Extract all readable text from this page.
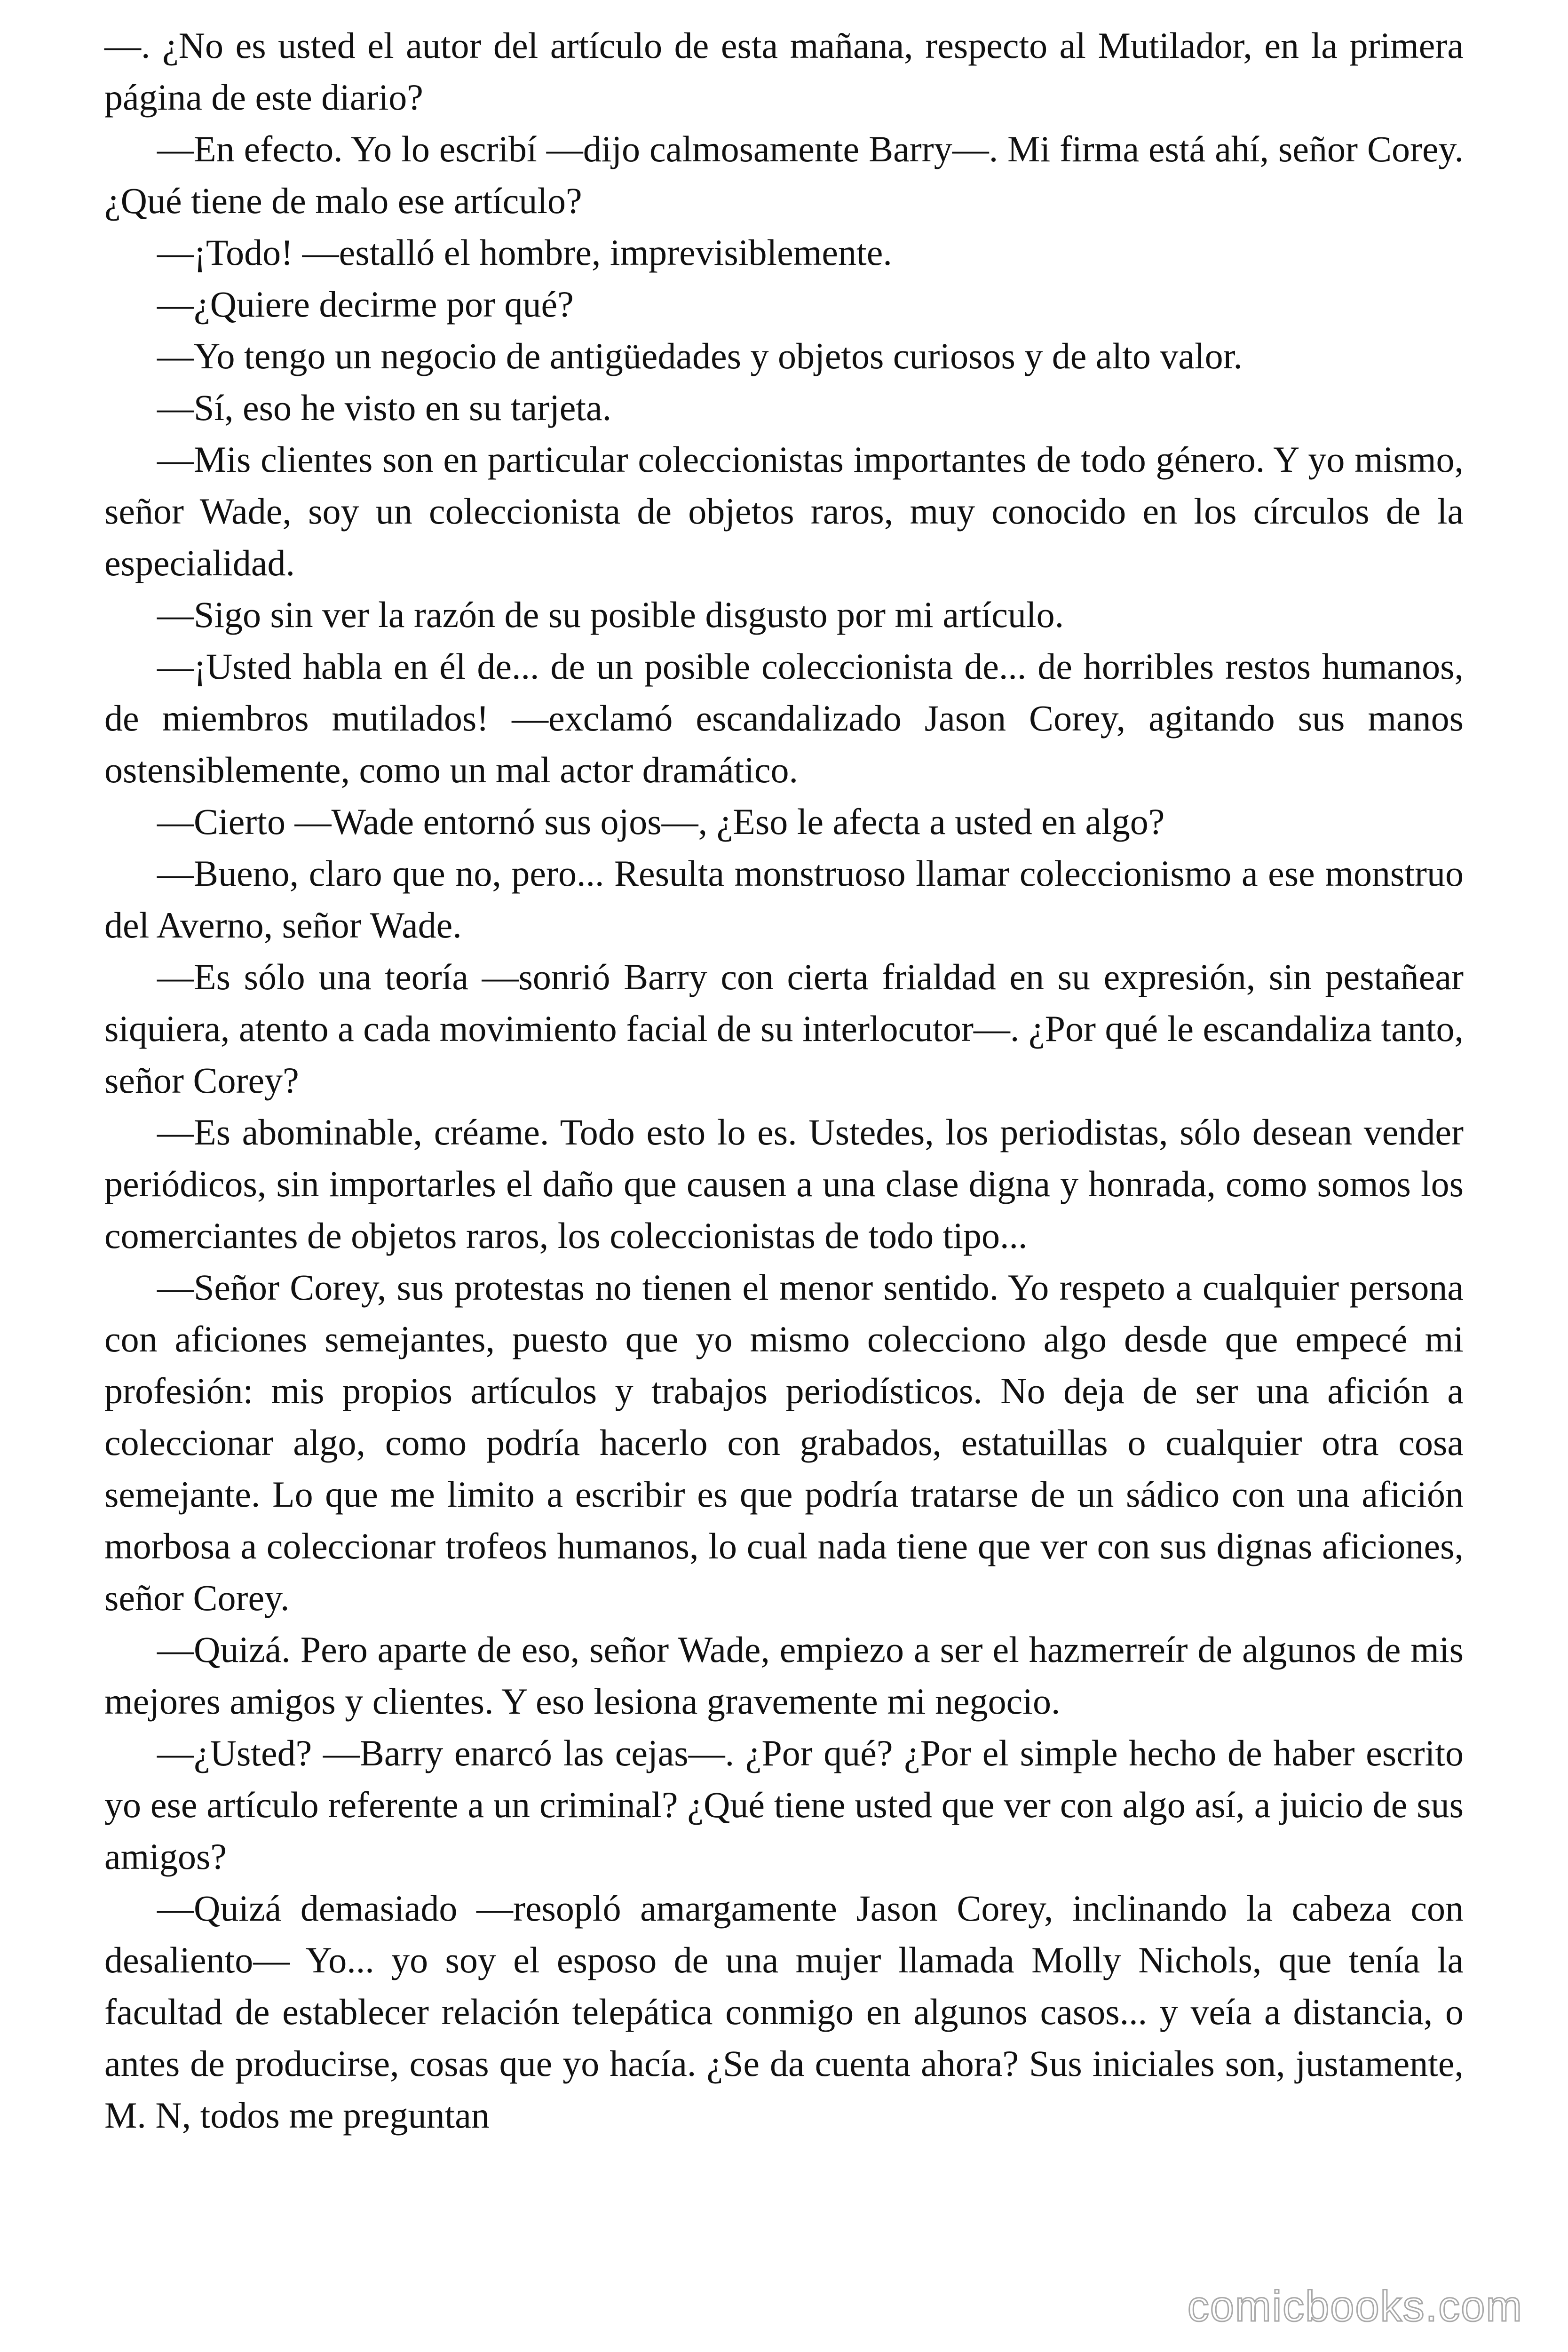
—. ¿No es usted el autor del artículo de esta mañana, respecto al Mutilador, en la primera página de este diario?

—En efecto. Yo lo escribí —dijo calmosamente Barry—. Mi firma está ahí, señor Corey. ¿Qué tiene de malo ese artículo?

—¡Todo! —estalló el hombre, imprevisiblemente.

—¿Quiere decirme por qué?

—Yo tengo un negocio de antigüedades y objetos curiosos y de alto valor.

—Sí, eso he visto en su tarjeta.

—Mis clientes son en particular coleccionistas importantes de todo género. Y yo mismo, señor Wade, soy un coleccionista de objetos raros, muy conocido en los círculos de la especialidad.

—Sigo sin ver la razón de su posible disgusto por mi artículo.

—¡Usted habla en él de... de un posible coleccionista de... de horribles restos humanos, de miembros mutilados! —exclamó escandalizado Jason Corey, agitando sus manos ostensiblemente, como un mal actor dramático.

—Cierto —Wade entornó sus ojos—, ¿Eso le afecta a usted en algo?

—Bueno, claro que no, pero... Resulta monstruoso llamar coleccionismo a ese monstruo del Averno, señor Wade.

—Es sólo una teoría —sonrió Barry con cierta frialdad en su expresión, sin pestañear siquiera, atento a cada movimiento facial de su interlocutor—. ¿Por qué le escandaliza tanto, señor Corey?

—Es abominable, créame. Todo esto lo es. Ustedes, los periodistas, sólo desean vender periódicos, sin importarles el daño que causen a una clase digna y honrada, como somos los comerciantes de objetos raros, los coleccionistas de todo tipo...

—Señor Corey, sus protestas no tienen el menor sentido. Yo respeto a cualquier persona con aficiones semejantes, puesto que yo mismo colecciono algo desde que empecé mi profesión: mis propios artículos y trabajos periodísticos. No deja de ser una afición a coleccionar algo, como podría hacerlo con grabados, estatuillas o cualquier otra cosa semejante. Lo que me limito a escribir es que podría tratarse de un sádico con una afición morbosa a coleccionar trofeos humanos, lo cual nada tiene que ver con sus dignas aficiones, señor Corey.

—Quizá. Pero aparte de eso, señor Wade, empiezo a ser el hazmerreír de algunos de mis mejores amigos y clientes. Y eso lesiona gravemente mi negocio.

—¿Usted? —Barry enarcó las cejas—. ¿Por qué? ¿Por el simple hecho de haber escrito yo ese artículo referente a un criminal? ¿Qué tiene usted que ver con algo así, a juicio de sus amigos?

—Quizá demasiado —resopló amargamente Jason Corey, inclinando la cabeza con desaliento— Yo... yo soy el esposo de una mujer llamada Molly Nichols, que tenía la facultad de establecer relación telepática conmigo en algunos casos... y veía a distancia, o antes de producirse, cosas que yo hacía. ¿Se da cuenta ahora? Sus iniciales son, justamente, M. N, todos me preguntan

comicbooks.com
